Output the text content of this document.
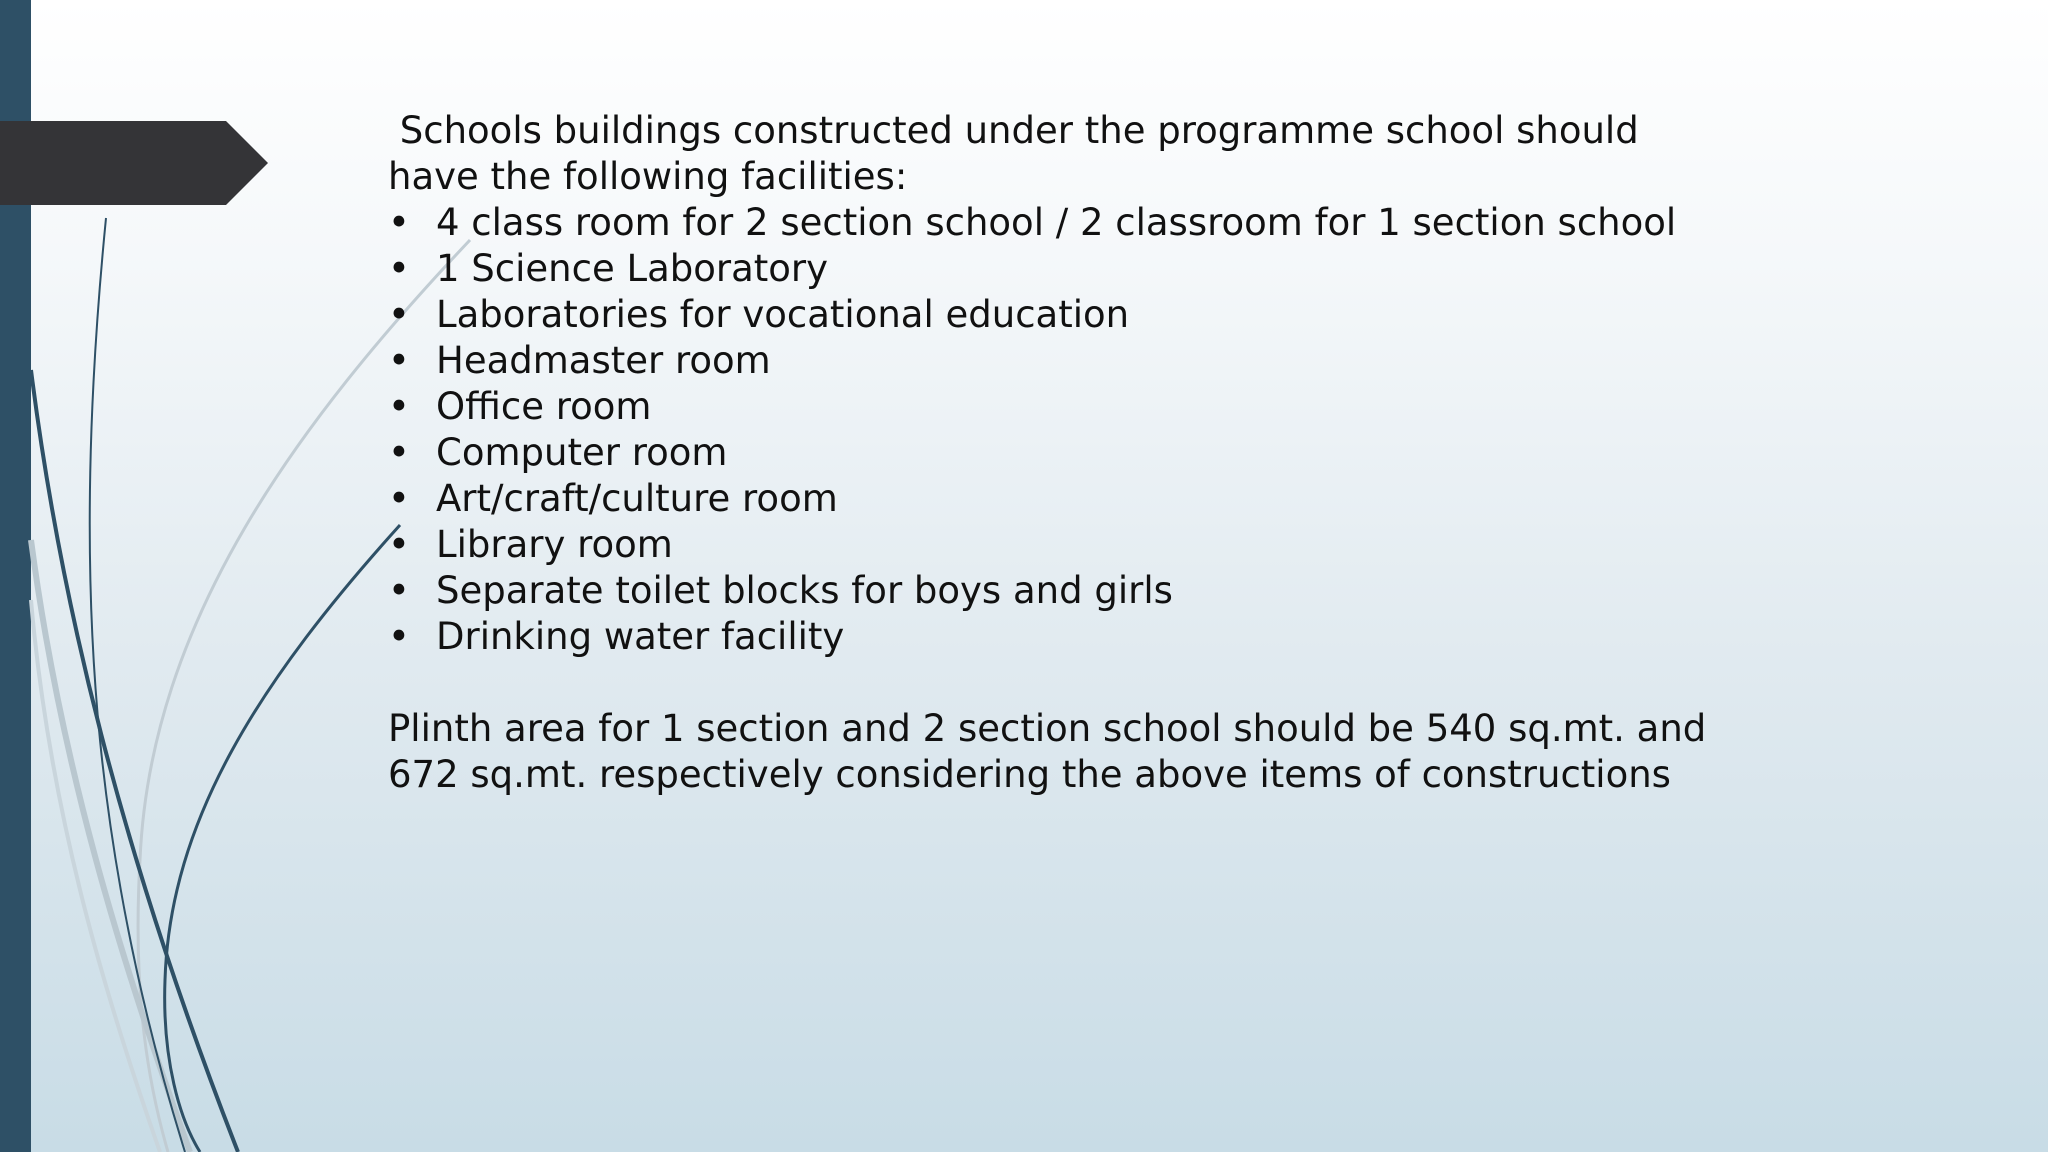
Schools buildings constructed under the programme school should have the following facilities:

• 4 class room for 2 section school / 2 classroom for 1 section school
• 1 Science Laboratory
• Laboratories for vocational education
• Headmaster room
• Office room
• Computer room
• Art/craft/culture room
• Library room
• Separate toilet blocks for boys and girls
• Drinking water facility

Plinth area for 1 section and 2 section school should be 540 sq.mt. and 672 sq.mt. respectively considering the above items of constructions
